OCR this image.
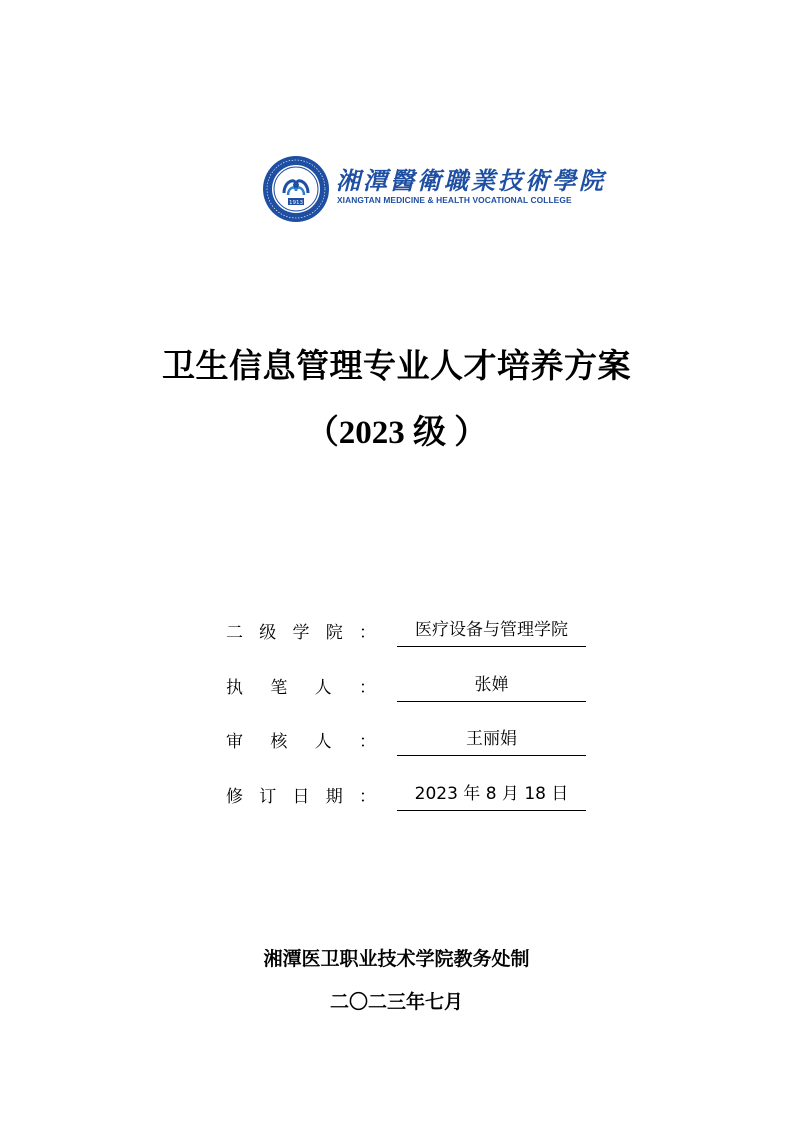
1913
湘潭醫衛職業技術學院
XIANGTAN MEDICINE & HEALTH VOCATIONAL COLLEGE
卫生信息管理专业人才培养方案
（2023 级 ）
二 级 学 院 ：	医疗设备与管理学院
执 笔 人 ：	张婵
审 核 人 ：	王丽娟
修 订 日 期 ：	2023 年 8 月 18 日
湘潭医卫职业技术学院教务处制
二〇二三年七月
